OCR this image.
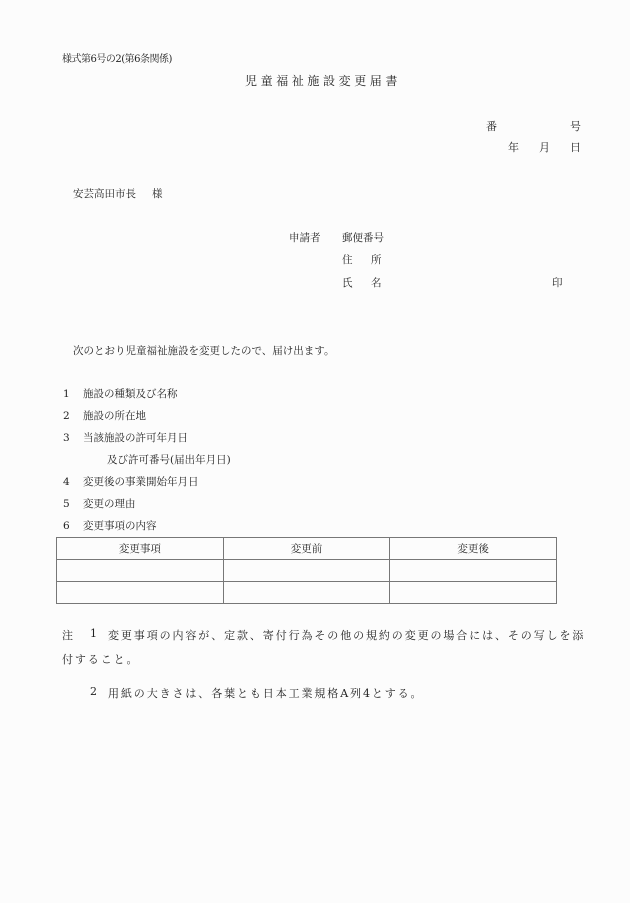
様式第6号の2(第6条関係)
児童福祉施設変更届書
番	号
年 月 日
安芸高田市長 様
申請者 郵便番号
住 所
氏 名	印
次のとおり児童福祉施設を変更したので、届け出ます。
1 施設の種類及び名称
2 施設の所在地
3 当該施設の許可年月日
及び許可番号(届出年月日)
4 変更後の事業開始年月日
5 変更の理由
6 変更事項の内容
変更事項	変更前	変更後

注 1 変更事項の内容が、定款、寄付行為その他の規約の変更の場合には、その写しを添
付すること。
2 用紙の大きさは、各葉とも日本工業規格A列4とする。
